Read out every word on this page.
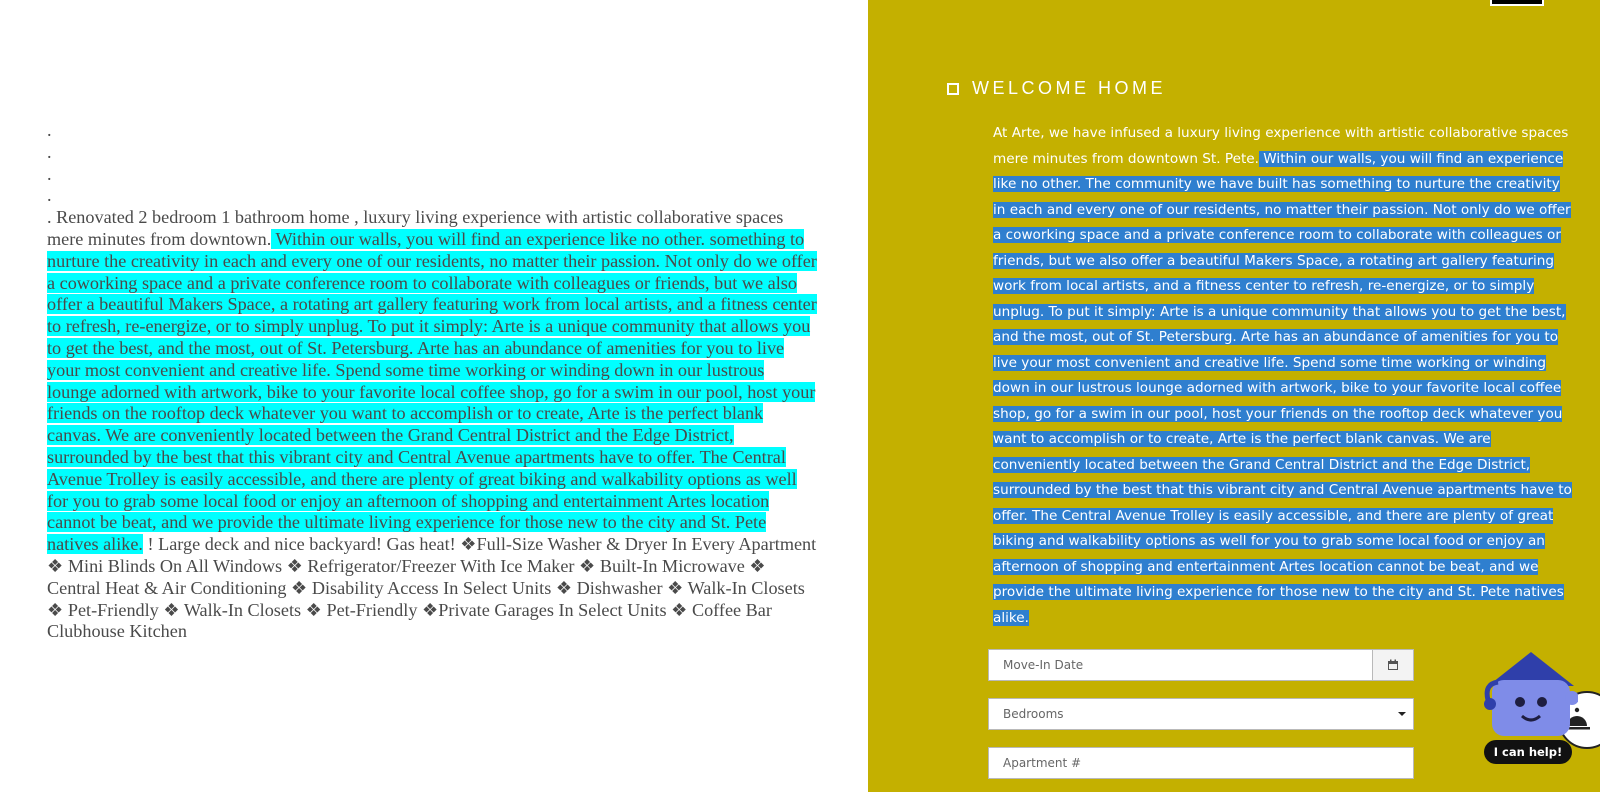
.
.
.
.
. Renovated 2 bedroom 1 bathroom home , luxury living experience with artistic collaborative spaces mere minutes from downtown. Within our walls, you will find an experience like no other. something to nurture the creativity in each and every one of our residents, no matter their passion. Not only do we offer a coworking space and a private conference room to collaborate with colleagues or friends, but we also offer a beautiful Makers Space, a rotating art gallery featuring work from local artists, and a fitness center to refresh, re-energize, or to simply unplug. To put it simply: Arte is a unique community that allows you to get the best, and the most, out of St. Petersburg. Arte has an abundance of amenities for you to live your most convenient and creative life. Spend some time working or winding down in our lustrous lounge adorned with artwork, bike to your favorite local coffee shop, go for a swim in our pool, host your friends on the rooftop deck whatever you want to accomplish or to create, Arte is the perfect blank canvas. We are conveniently located between the Grand Central District and the Edge District, surrounded by the best that this vibrant city and Central Avenue apartments have to offer. The Central Avenue Trolley is easily accessible, and there are plenty of great biking and walkability options as well for you to grab some local food or enjoy an afternoon of shopping and entertainment Artes location cannot be beat, and we provide the ultimate living experience for those new to the city and St. Pete natives alike. ! Large deck and nice backyard! Gas heat! ❖Full-Size Washer & Dryer In Every Apartment ❖ Mini Blinds On All Windows ❖ Refrigerator/Freezer With Ice Maker ❖ Built-In Microwave ❖ Central Heat & Air Conditioning ❖ Disability Access In Select Units ❖ Dishwasher ❖ Walk-In Closets ❖ Pet-Friendly ❖ Walk-In Closets ❖ Pet-Friendly ❖Private Garages In Select Units ❖ Coffee Bar Clubhouse Kitchen
WELCOME HOME
At Arte, we have infused a luxury living experience with artistic collaborative spaces mere minutes from downtown St. Pete. Within our walls, you will find an experience like no other. The community we have built has something to nurture the creativity in each and every one of our residents, no matter their passion. Not only do we offer a coworking space and a private conference room to collaborate with colleagues or friends, but we also offer a beautiful Makers Space, a rotating art gallery featuring work from local artists, and a fitness center to refresh, re-energize, or to simply unplug. To put it simply: Arte is a unique community that allows you to get the best, and the most, out of St. Petersburg. Arte has an abundance of amenities for you to live your most convenient and creative life. Spend some time working or winding down in our lustrous lounge adorned with artwork, bike to your favorite local coffee shop, go for a swim in our pool, host your friends on the rooftop deck whatever you want to accomplish or to create, Arte is the perfect blank canvas. We are conveniently located between the Grand Central District and the Edge District, surrounded by the best that this vibrant city and Central Avenue apartments have to offer. The Central Avenue Trolley is easily accessible, and there are plenty of great biking and walkability options as well for you to grab some local food or enjoy an afternoon of shopping and entertainment Artes location cannot be beat, and we provide the ultimate living experience for those new to the city and St. Pete natives alike.
Move-In Date
Bedrooms
Apartment #
I can help!
